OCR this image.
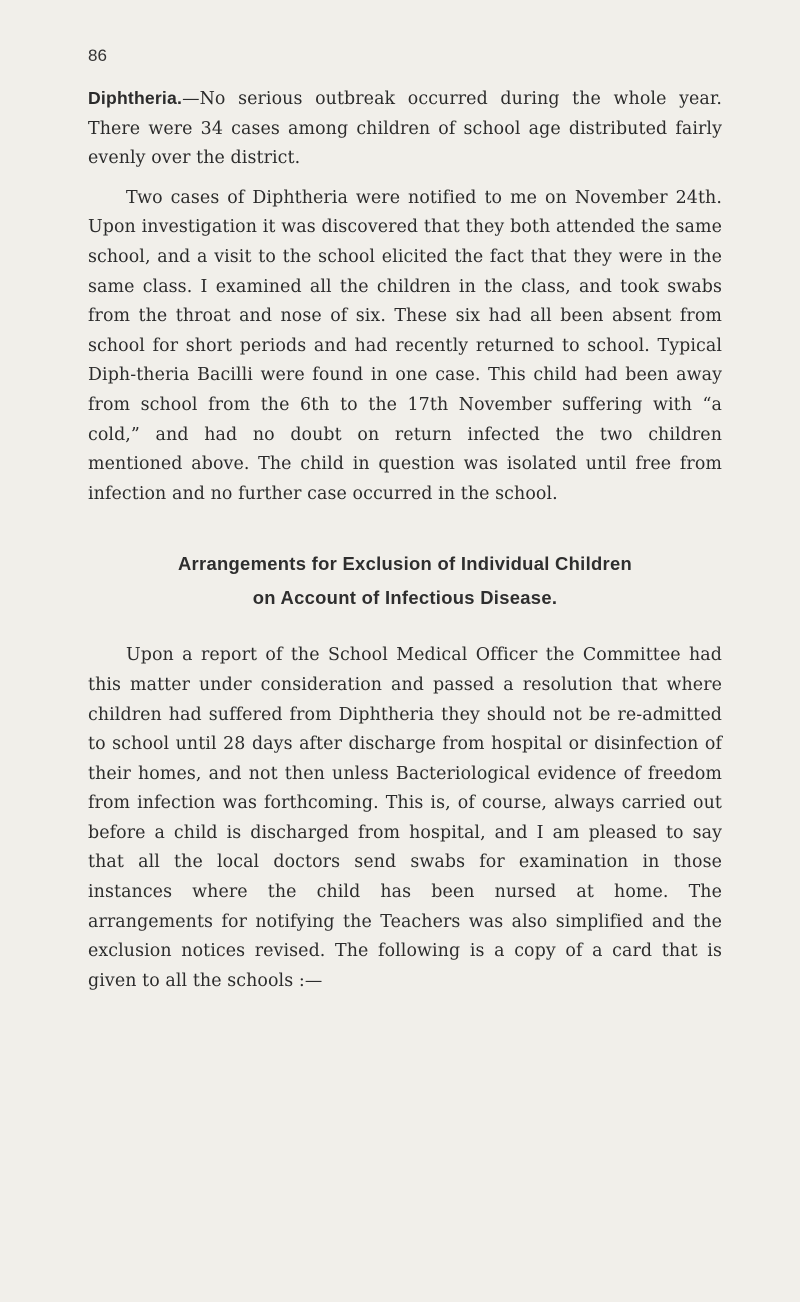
86

Diphtheria.—No serious outbreak occurred during the whole year. There were 34 cases among children of school age distributed fairly evenly over the district.

Two cases of Diphtheria were notified to me on November 24th. Upon investigation it was discovered that they both attended the same school, and a visit to the school elicited the fact that they were in the same class. I examined all the children in the class, and took swabs from the throat and nose of six. These six had all been absent from school for short periods and had recently returned to school. Typical Diph-theria Bacilli were found in one case. This child had been away from school from the 6th to the 17th November suffering with “a cold,” and had no doubt on return infected the two children mentioned above. The child in question was isolated until free from infection and no further case occurred in the school.

Arrangements for Exclusion of Individual Children
on Account of Infectious Disease.

Upon a report of the School Medical Officer the Committee had this matter under consideration and passed a resolution that where children had suffered from Diphtheria they should not be re-admitted to school until 28 days after discharge from hospital or disinfection of their homes, and not then unless Bacteriological evidence of freedom from infection was forthcoming. This is, of course, always carried out before a child is discharged from hospital, and I am pleased to say that all the local doctors send swabs for examination in those instances where the child has been nursed at home. The arrangements for notifying the Teachers was also simplified and the exclusion notices revised. The following is a copy of a card that is given to all the schools :—
